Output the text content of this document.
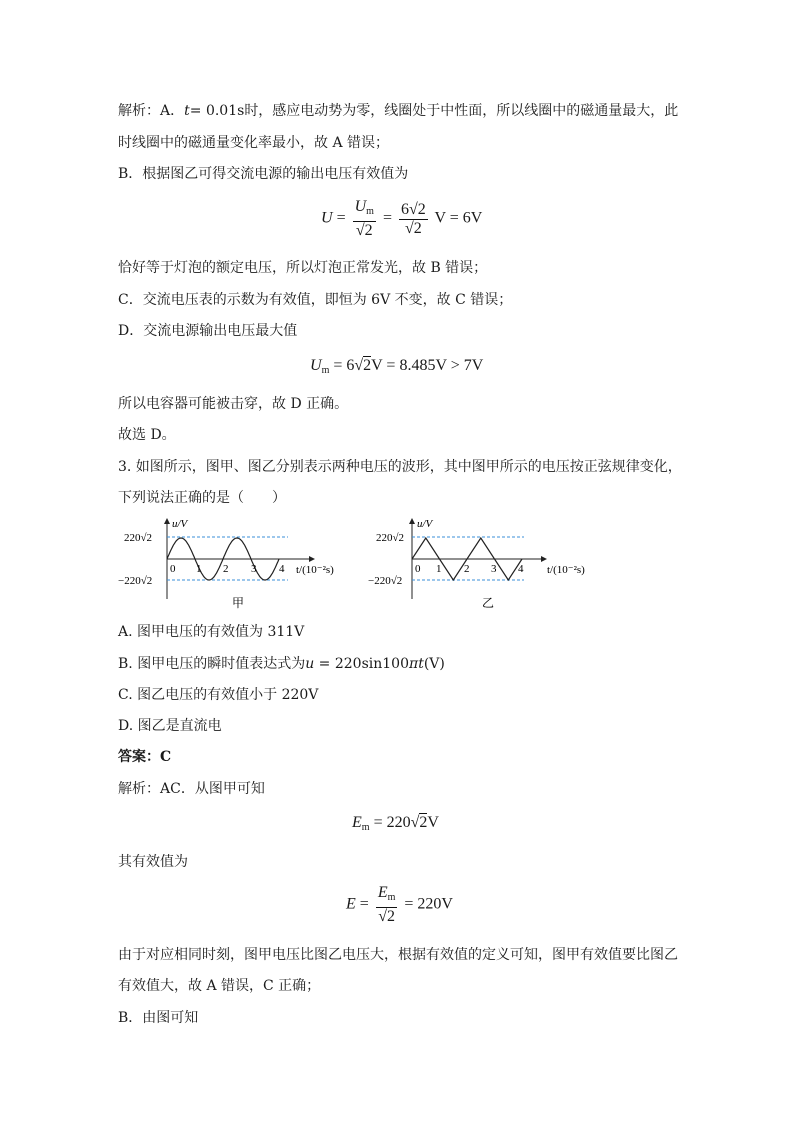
解析：A．t= 0.01s时，感应电动势为零，线圈处于中性面，所以线圈中的磁通量最大，此
时线圈中的磁通量变化率最小，故 A 错误；
B．根据图乙可得交流电源的输出电压有效值为
$U = \frac{U_m}{√2} = \frac{6√2}{√2}$ V = 6V
恰好等于灯泡的额定电压，所以灯泡正常发光，故 B 错误；
C．交流电压表的示数为有效值，即恒为 6V 不变，故 C 错误；
D．交流电源输出电压最大值
$U_m = 6√2V = 8.485V > 7V$
所以电容器可能被击穿，故 D 正确。
故选 D。
3. 如图所示，图甲、图乙分别表示两种电压的波形，其中图甲所示的电压按正弦规律变化，
下列说法正确的是（　　）
u/V
220√2
−220√2
0 1 2 3 4 t/(10⁻²s)
甲
u/V
220√2
−220√2
0 1 2 3 4 t/(10⁻²s)
乙
A. 图甲电压的有效值为 311V
B. 图甲电压的瞬时值表达式为u = 220sin100πt(V)
C. 图乙电压的有效值小于 220V
D. 图乙是直流电
答案：C
解析：AC．从图甲可知
$E_m = 220√2V$
其有效值为
$E = \frac{E_m}{√2} = 220V$
由于对应相同时刻，图甲电压比图乙电压大，根据有效值的定义可知，图甲有效值要比图乙
有效值大，故 A 错误，C 正确；
B．由图可知
